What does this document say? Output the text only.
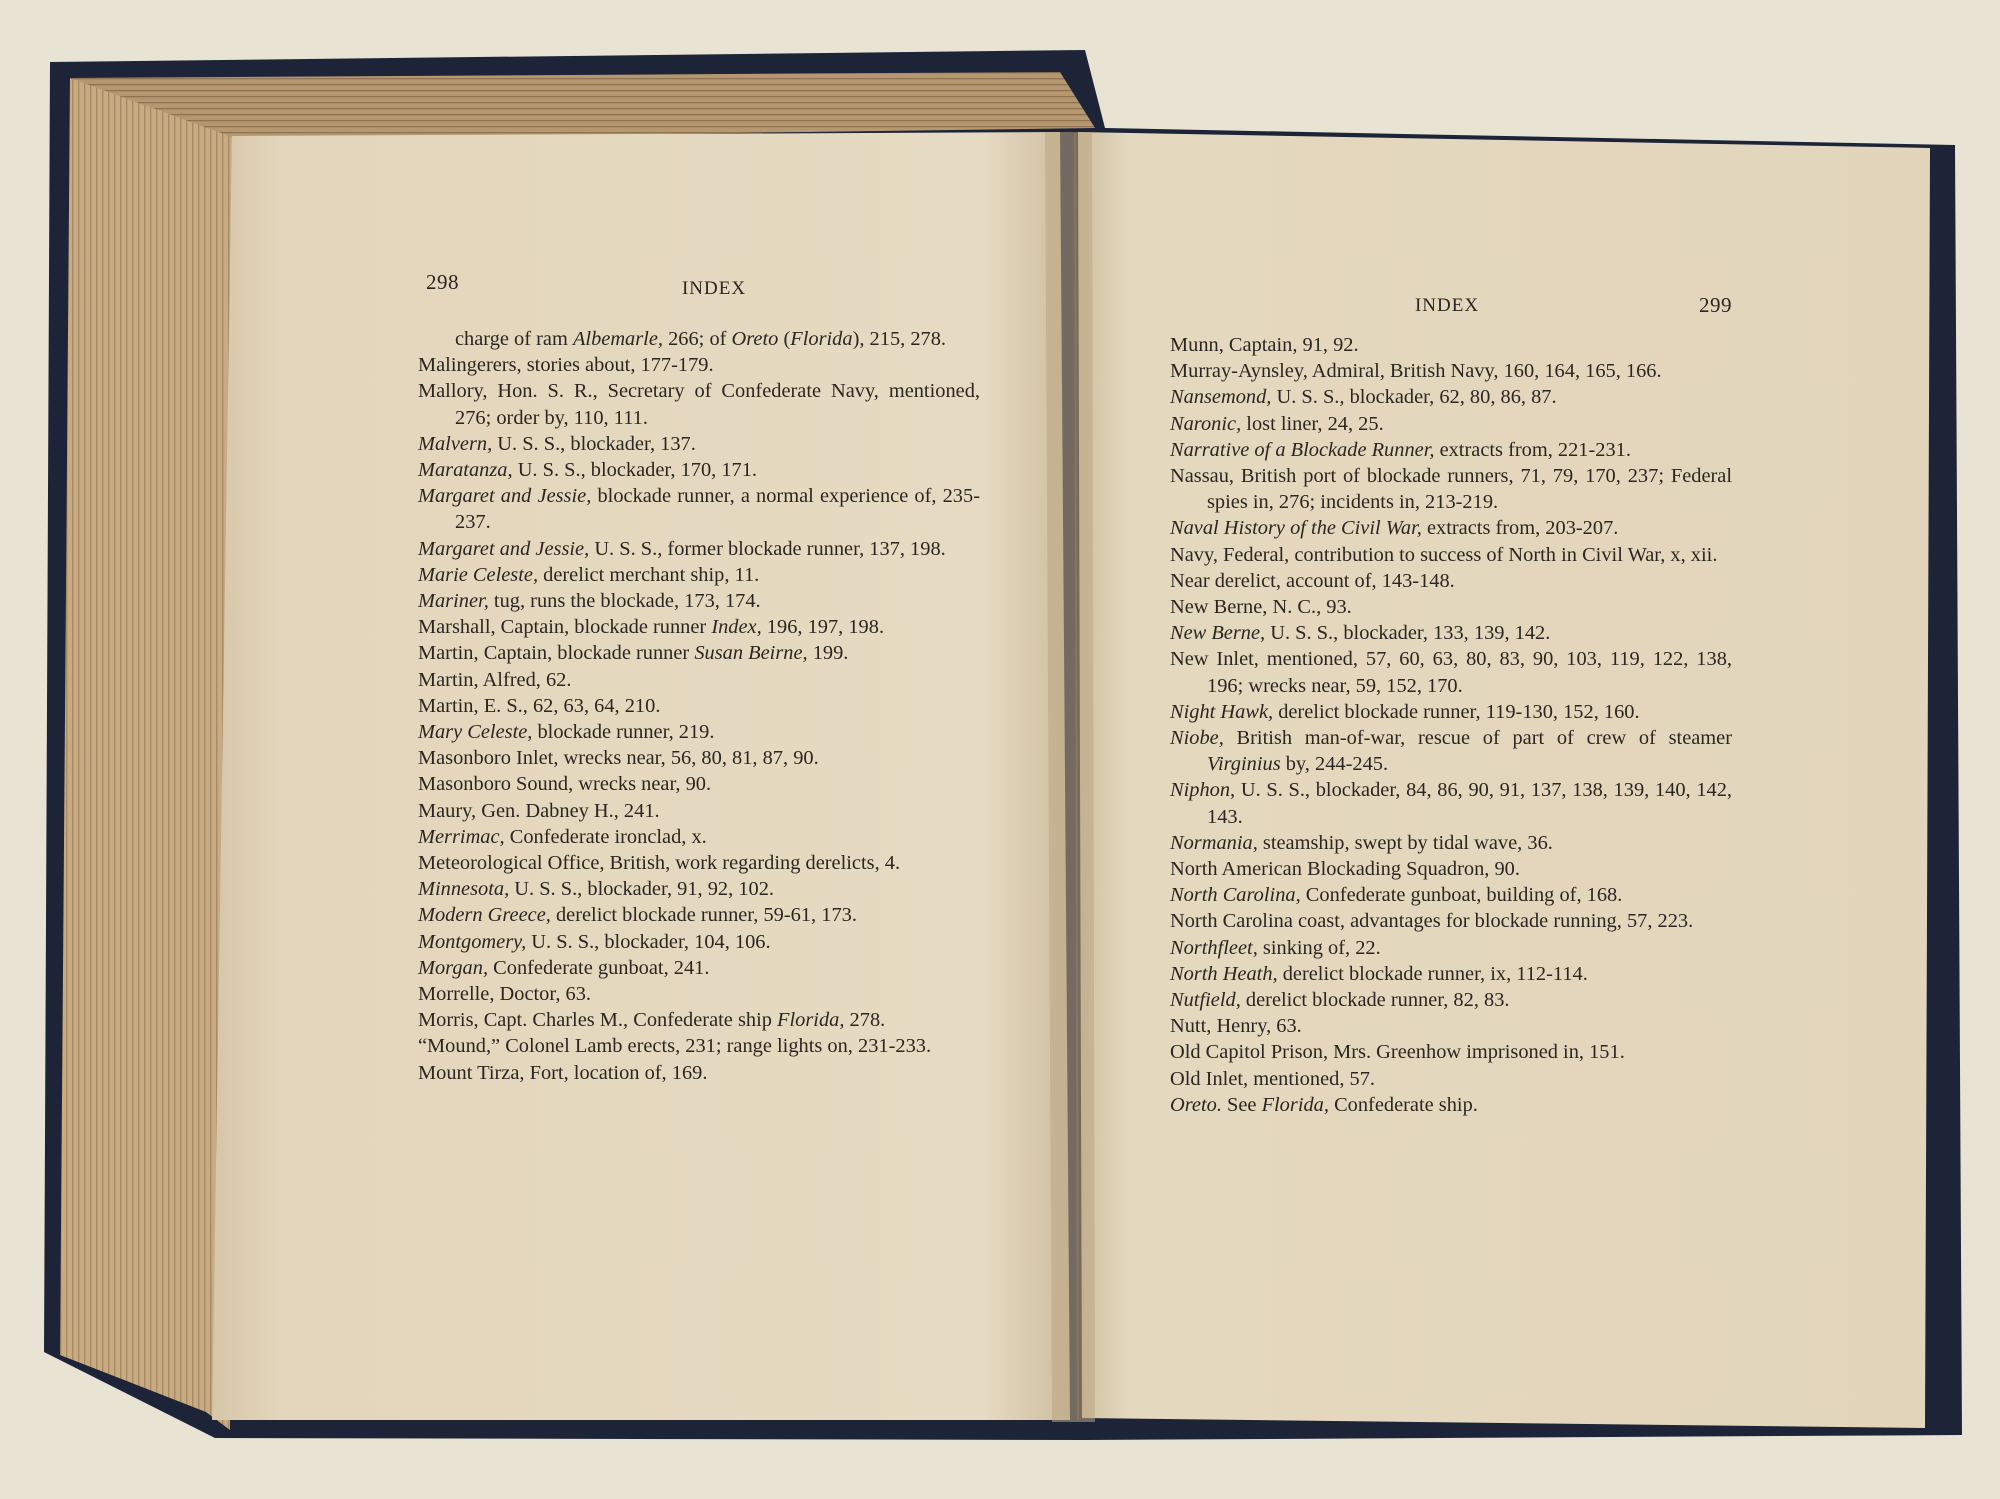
298	INDEX
charge of ram Albemarle, 266; of Oreto (Florida), 215, 278.
Malingerers, stories about, 177-179.
Mallory, Hon. S. R., Secretary of Confederate Navy, mentioned, 276; order by, 110, 111.
Malvern, U. S. S., blockader, 137.
Maratanza, U. S. S., blockader, 170, 171.
Margaret and Jessie, blockade runner, a normal experience of, 235-237.
Margaret and Jessie, U. S. S., former blockade runner, 137, 198.
Marie Celeste, derelict merchant ship, 11.
Mariner, tug, runs the blockade, 173, 174.
Marshall, Captain, blockade runner Index, 196, 197, 198.
Martin, Captain, blockade runner Susan Beirne, 199.
Martin, Alfred, 62.
Martin, E. S., 62, 63, 64, 210.
Mary Celeste, blockade runner, 219.
Masonboro Inlet, wrecks near, 56, 80, 81, 87, 90.
Masonboro Sound, wrecks near, 90.
Maury, Gen. Dabney H., 241.
Merrimac, Confederate ironclad, x.
Meteorological Office, British, work regarding derelicts, 4.
Minnesota, U. S. S., blockader, 91, 92, 102.
Modern Greece, derelict blockade runner, 59-61, 173.
Montgomery, U. S. S., blockader, 104, 106.
Morgan, Confederate gunboat, 241.
Morrelle, Doctor, 63.
Morris, Capt. Charles M., Confederate ship Florida, 278.
“Mound,” Colonel Lamb erects, 231; range lights on, 231-233.
Mount Tirza, Fort, location of, 169.
INDEX	299
Munn, Captain, 91, 92.
Murray-Aynsley, Admiral, British Navy, 160, 164, 165, 166.
Nansemond, U. S. S., blockader, 62, 80, 86, 87.
Naronic, lost liner, 24, 25.
Narrative of a Blockade Runner, extracts from, 221-231.
Nassau, British port of blockade runners, 71, 79, 170, 237; Federal spies in, 276; incidents in, 213-219.
Naval History of the Civil War, extracts from, 203-207.
Navy, Federal, contribution to success of North in Civil War, x, xii.
Near derelict, account of, 143-148.
New Berne, N. C., 93.
New Berne, U. S. S., blockader, 133, 139, 142.
New Inlet, mentioned, 57, 60, 63, 80, 83, 90, 103, 119, 122, 138, 196; wrecks near, 59, 152, 170.
Night Hawk, derelict blockade runner, 119-130, 152, 160.
Niobe, British man-of-war, rescue of part of crew of steamer Virginius by, 244-245.
Niphon, U. S. S., blockader, 84, 86, 90, 91, 137, 138, 139, 140, 142, 143.
Normania, steamship, swept by tidal wave, 36.
North American Blockading Squadron, 90.
North Carolina, Confederate gunboat, building of, 168.
North Carolina coast, advantages for blockade running, 57, 223.
Northfleet, sinking of, 22.
North Heath, derelict blockade runner, ix, 112-114.
Nutfield, derelict blockade runner, 82, 83.
Nutt, Henry, 63.
Old Capitol Prison, Mrs. Greenhow imprisoned in, 151.
Old Inlet, mentioned, 57.
Oreto. See Florida, Confederate ship.
